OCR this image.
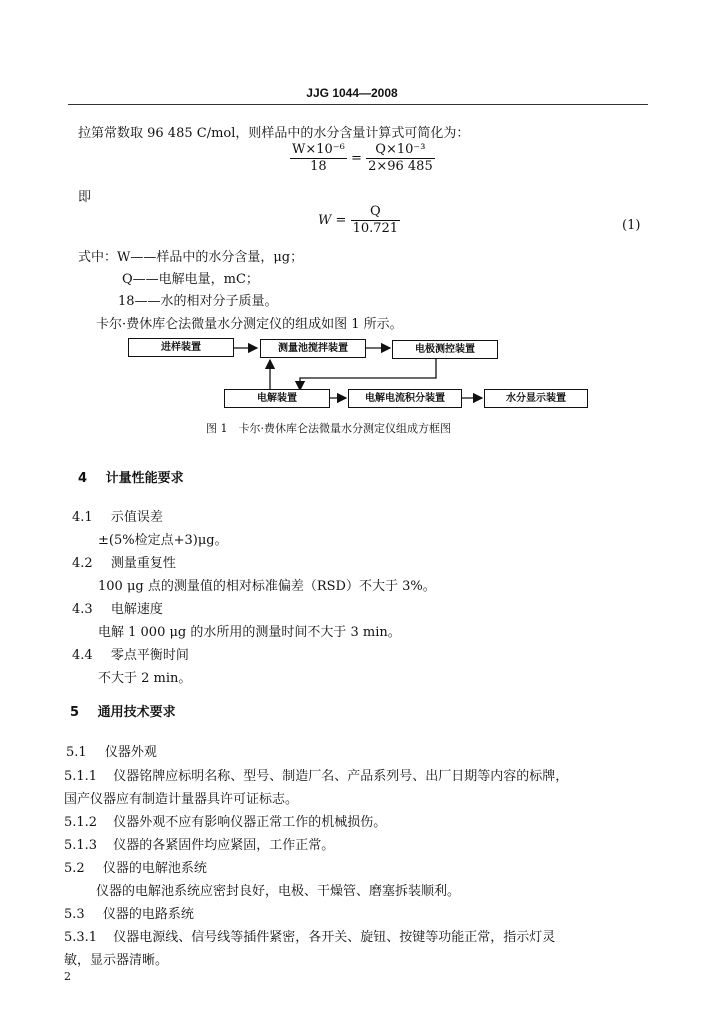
JJG 1044—2008
拉第常数取 96 485 C/mol，则样品中的水分含量计算式可简化为：
$\frac{\text{W×10⁻⁶}}{18} = \frac{\text{Q×10⁻³}}{2\times 96 485}$
即
$W = \frac{Q}{10.721}$	(1)
式中：W——样品中的水分含量，μg；
Q——电解电量，mC；
18——水的相对分子质量。
卡尔·费休库仑法微量水分测定仪的组成如图 1 所示。
进样装置	测量池搅拌装置	电极测控装置
电解装置	电解电流积分装置	水分显示装置
图 1　卡尔·费休库仑法微量水分测定仪组成方框图
4 计量性能要求
4.1 示值误差
±(5%检定点+3)μg。
4.2 测量重复性
100 μg 点的测量值的相对标准偏差（RSD）不大于 3%。
4.3 电解速度
电解 1 000 μg 的水所用的测量时间不大于 3 min。
4.4 零点平衡时间
不大于 2 min。
5 通用技术要求
5.1 仪器外观
5.1.1 仪器铭牌应标明名称、型号、制造厂名、产品系列号、出厂日期等内容的标牌，
国产仪器应有制造计量器具许可证标志。
5.1.2 仪器外观不应有影响仪器正常工作的机械损伤。
5.1.3 仪器的各紧固件均应紧固，工作正常。
5.2 仪器的电解池系统
仪器的电解池系统应密封良好，电极、干燥管、磨塞拆装顺利。
5.3 仪器的电路系统
5.3.1 仪器电源线、信号线等插件紧密，各开关、旋钮、按键等功能正常，指示灯灵
敏，显示器清晰。
2
